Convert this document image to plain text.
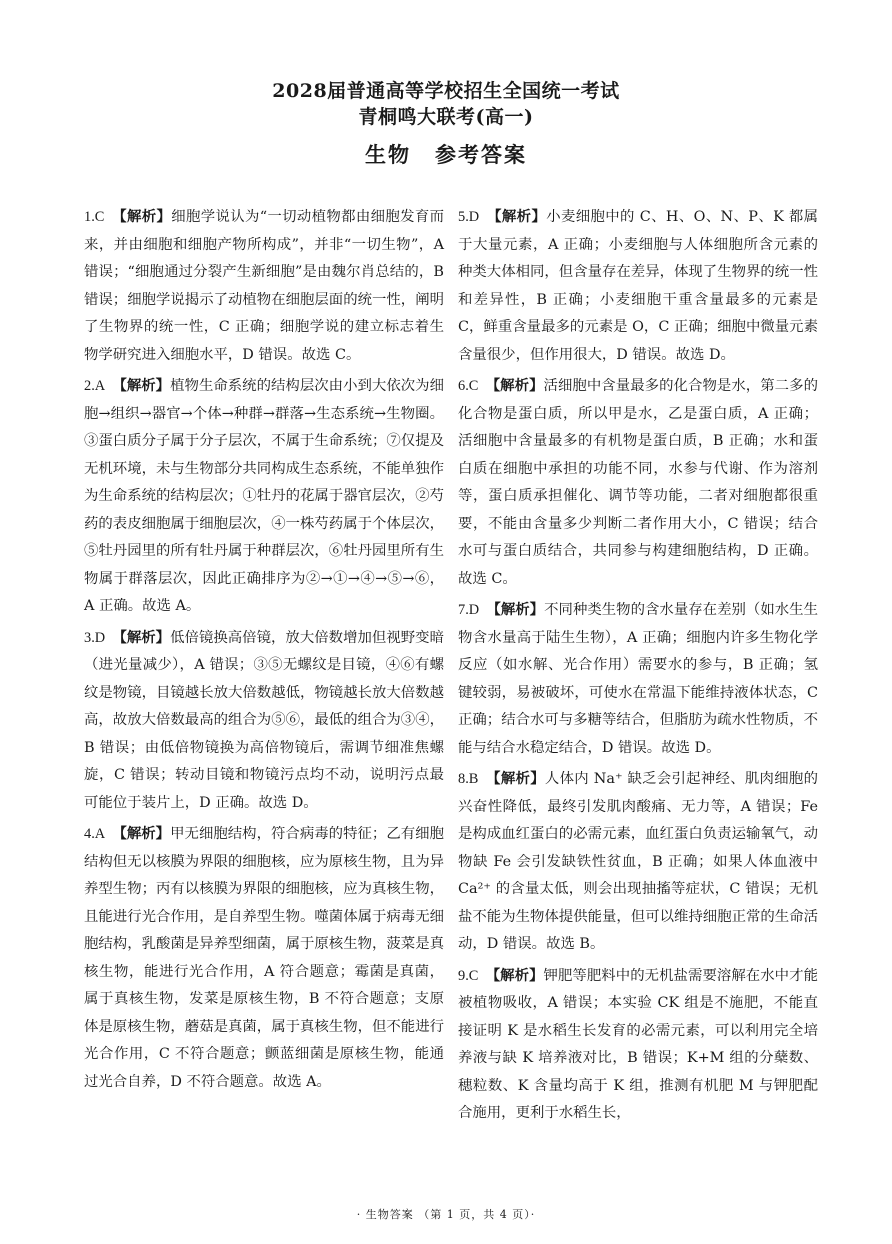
2028届普通高等学校招生全国统一考试
青桐鸣大联考(高一)
生物 参考答案

1.C　 【解析】细胞学说认为“一切动植物都由细胞发育而来，并由细胞和细胞产物所构成”，并非“一切生物”，A 错误；“细胞通过分裂产生新细胞”是由魏尔肖总结的，B 错误；细胞学说揭示了动植物在细胞层面的统一性，阐明了生物界的统一性，C 正确；细胞学说的建立标志着生物学研究进入细胞水平，D 错误。故选 C。

2.A　 【解析】植物生命系统的结构层次由小到大依次为细胞→组织→器官→个体→种群→群落→生态系统→生物圈。③蛋白质分子属于分子层次，不属于生命系统；⑦仅提及无机环境，未与生物部分共同构成生态系统，不能单独作为生命系统的结构层次；①牡丹的花属于器官层次，②芍药的表皮细胞属于细胞层次，④一株芍药属于个体层次，⑤牡丹园里的所有牡丹属于种群层次，⑥牡丹园里所有生物属于群落层次，因此正确排序为②→①→④→⑤→⑥，A 正确。故选 A。

3.D　 【解析】低倍镜换高倍镜，放大倍数增加但视野变暗（进光量减少），A 错误；③⑤无螺纹是目镜，④⑥有螺纹是物镜，目镜越长放大倍数越低，物镜越长放大倍数越高，故放大倍数最高的组合为⑤⑥，最低的组合为③④，B 错误；由低倍物镜换为高倍物镜后，需调节细准焦螺旋，C 错误；转动目镜和物镜污点均不动，说明污点最可能位于装片上，D 正确。故选 D。

4.A　 【解析】甲无细胞结构，符合病毒的特征；乙有细胞结构但无以核膜为界限的细胞核，应为原核生物，且为异养型生物；丙有以核膜为界限的细胞核，应为真核生物，且能进行光合作用，是自养型生物。噬菌体属于病毒无细胞结构，乳酸菌是异养型细菌，属于原核生物，菠菜是真核生物，能进行光合作用，A 符合题意；霉菌是真菌，属于真核生物，发菜是原核生物，B 不符合题意；支原体是原核生物，蘑菇是真菌，属于真核生物，但不能进行光合作用，C 不符合题意；颤蓝细菌是原核生物，能通过光合自养，D 不符合题意。故选 A。

5.D　 【解析】小麦细胞中的 C、H、O、N、P、K 都属于大量元素，A 正确；小麦细胞与人体细胞所含元素的种类大体相同，但含量存在差异，体现了生物界的统一性和差异性，B 正确；小麦细胞干重含量最多的元素是 C，鲜重含量最多的元素是 O，C 正确；细胞中微量元素含量很少，但作用很大，D 错误。故选 D。

6.C　 【解析】活细胞中含量最多的化合物是水，第二多的化合物是蛋白质，所以甲是水，乙是蛋白质，A 正确；活细胞中含量最多的有机物是蛋白质，B 正确；水和蛋白质在细胞中承担的功能不同，水参与代谢、作为溶剂等，蛋白质承担催化、调节等功能，二者对细胞都很重要，不能由含量多少判断二者作用大小，C 错误；结合水可与蛋白质结合，共同参与构建细胞结构，D 正确。故选 C。

7.D　 【解析】不同种类生物的含水量存在差别（如水生生物含水量高于陆生生物），A 正确；细胞内许多生物化学反应（如水解、光合作用）需要水的参与，B 正确；氢键较弱，易被破坏，可使水在常温下能维持液体状态，C 正确；结合水可与多糖等结合，但脂肪为疏水性物质，不能与结合水稳定结合，D 错误。故选 D。

8.B　 【解析】人体内 Na⁺ 缺乏会引起神经、肌肉细胞的兴奋性降低，最终引发肌肉酸痛、无力等，A 错误；Fe 是构成血红蛋白的必需元素，血红蛋白负责运输氧气，动物缺 Fe 会引发缺铁性贫血，B 正确；如果人体血液中 Ca²⁺ 的含量太低，则会出现抽搐等症状，C 错误；无机盐不能为生物体提供能量，但可以维持细胞正常的生命活动，D 错误。故选 B。

9.C　 【解析】钾肥等肥料中的无机盐需要溶解在水中才能被植物吸收，A 错误；本实验 CK 组是不施肥，不能直接证明 K 是水稻生长发育的必需元素，可以利用完全培养液与缺 K 培养液对比，B 错误；K+M 组的分蘖数、穗粒数、K 含量均高于 K 组，推测有机肥 M 与钾肥配合施用，更利于水稻生长，

· 生物答案 （第 1 页，共 4 页）·
